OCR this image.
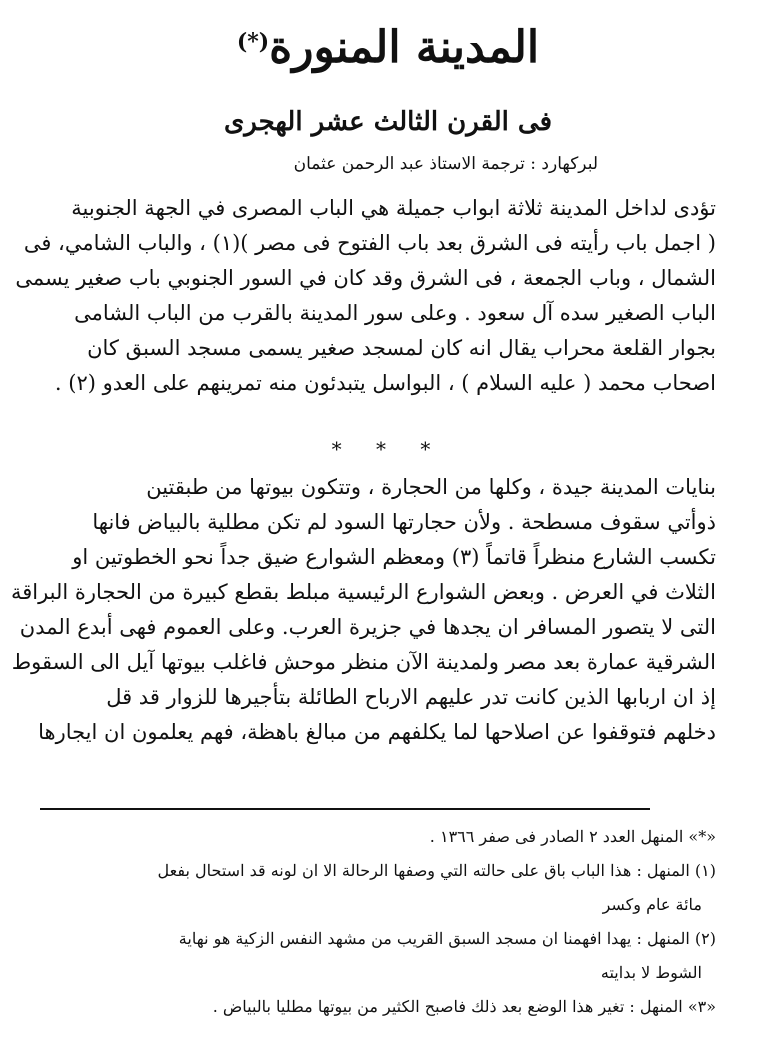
المدينة المنورة(*)
فى القرن الثالث عشر الهجرى
لبركهارد : ترجمة الاستاذ عبد الرحمن عثمان
تؤدى لداخل المدينة ثلاثة ابواب جميلة هي الباب المصرى في الجهة الجنوبية
( اجمل باب رأيته فى الشرق بعد باب الفتوح فى مصر )(١) ، والباب الشامي، فى
الشمال ، وباب الجمعة ، فى الشرق وقد كان في السور الجنوبي باب صغير يسمى
الباب الصغير سده آل سعود . وعلى سور المدينة بالقرب من الباب الشامى
بجوار القلعة محراب يقال انه كان لمسجد صغير يسمى مسجد السبق كان
اصحاب محمد ( عليه السلام ) ، البواسل يتبدئون منه تمرينهم على العدو (٢) .
* * *
بنايات المدينة جيدة ، وكلها من الحجارة ، وتتكون بيوتها من طبقتين
ذوأتي سقوف مسطحة . ولأن حجارتها السود لم تكن مطلية بالبياض فانها
تكسب الشارع منظراً قاتماً (٣) ومعظم الشوارع ضيق جداً نحو الخطوتين او
الثلاث في العرض . وبعض الشوارع الرئيسية مبلط بقطع كبيرة من الحجارة البراقة
التى لا يتصور المسافر ان يجدها في جزيرة العرب. وعلى العموم فهى أبدع المدن
الشرقية عمارة بعد مصر ولمدينة الآن منظر موحش فاغلب بيوتها آيل الى السقوط
إذ ان اربابها الذين كانت تدر عليهم الارباح الطائلة بتأجيرها للزوار قد قل
دخلهم فتوقفوا عن اصلاحها لما يكلفهم من مبالغ باهظة، فهم يعلمون ان ايجارها
«*» المنهل العدد ٢ الصادر فى صفر ١٣٦٦ .
(١) المنهل : هذا الباب باق على حالته التي وصفها الرحالة الا ان لونه قد استحال بفعل
مائة عام وكسر
(٢) المنهل : يهدا افهمنا ان مسجد السبق القريب من مشهد النفس الزكية هو نهاية
الشوط لا بدايته
«٣» المنهل : تغير هذا الوضع بعد ذلك فاصبح الكثير من بيوتها مطليا بالبياض .
